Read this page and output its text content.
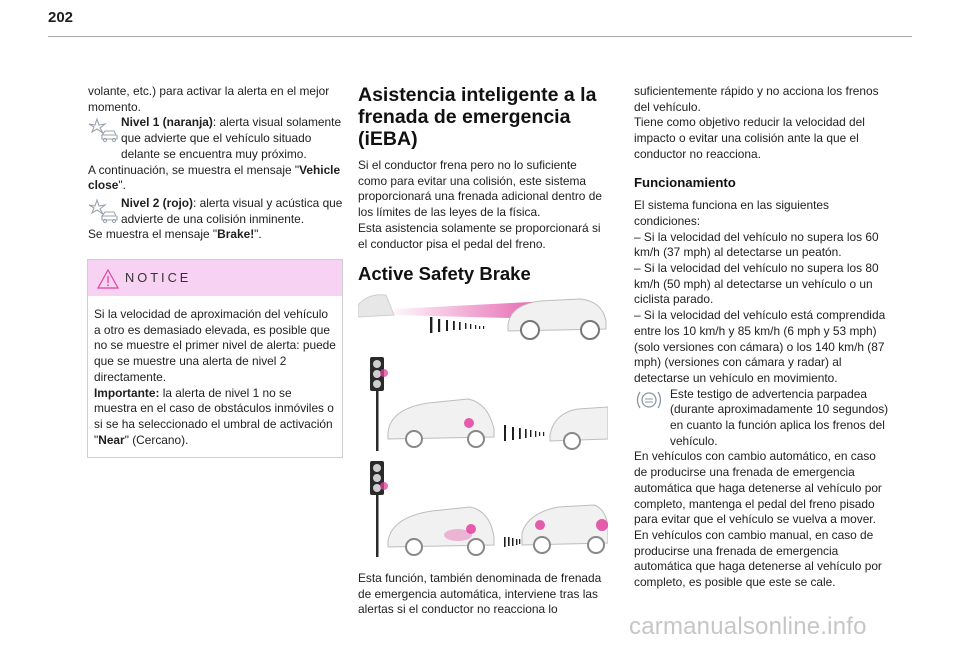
202

volante, etc.) para activar la alerta en el mejor momento.

Nivel 1 (naranja): alerta visual solamente que advierte que el vehículo situado delante se encuentra muy próximo.

A continuación, se muestra el mensaje "Vehicle close".

Nivel 2 (rojo): alerta visual y acústica que advierte de una colisión inminente.

Se muestra el mensaje "Brake!".

NOTICE

Si la velocidad de aproximación del vehículo a otro es demasiado elevada, es posible que no se muestre el primer nivel de alerta: puede que se muestre una alerta de nivel 2 directamente.

Importante: la alerta de nivel 1 no se muestra en el caso de obstáculos inmóviles o si se ha seleccionado el umbral de activación "Near" (Cercano).

Asistencia inteligente a la frenada de emergencia (iEBA)

Si el conductor frena pero no lo suficiente como para evitar una colisión, este sistema proporcionará una frenada adicional dentro de los límites de las leyes de la física.

Esta asistencia solamente se proporcionará si el conductor pisa el pedal del freno.

Active Safety Brake

Esta función, también denominada de frenada de emergencia automática, interviene tras las alertas si el conductor no reacciona lo

suficientemente rápido y no acciona los frenos del vehículo.

Tiene como objetivo reducir la velocidad del impacto o evitar una colisión ante la que el conductor no reacciona.

Funcionamiento

El sistema funciona en las siguientes condiciones:

– Si la velocidad del vehículo no supera los 60 km/h (37 mph) al detectarse un peatón.

– Si la velocidad del vehículo no supera los 80 km/h (50 mph) al detectarse un vehículo o un ciclista parado.

– Si la velocidad del vehículo está comprendida entre los 10 km/h y 85 km/h (6 mph y 53 mph) (solo versiones con cámara) o los 140 km/h (87 mph) (versiones con cámara y radar) al detectarse un vehículo en movimiento.

Este testigo de advertencia parpadea (durante aproximadamente 10 segundos) en cuanto la función aplica los frenos del vehículo.

En vehículos con cambio automático, en caso de producirse una frenada de emergencia automática que haga detenerse al vehículo por completo, mantenga el pedal del freno pisado para evitar que el vehículo se vuelva a mover.

En vehículos con cambio manual, en caso de producirse una frenada de emergencia automática que haga detenerse al vehículo por completo, es posible que este se cale.

carmanualsonline.info
